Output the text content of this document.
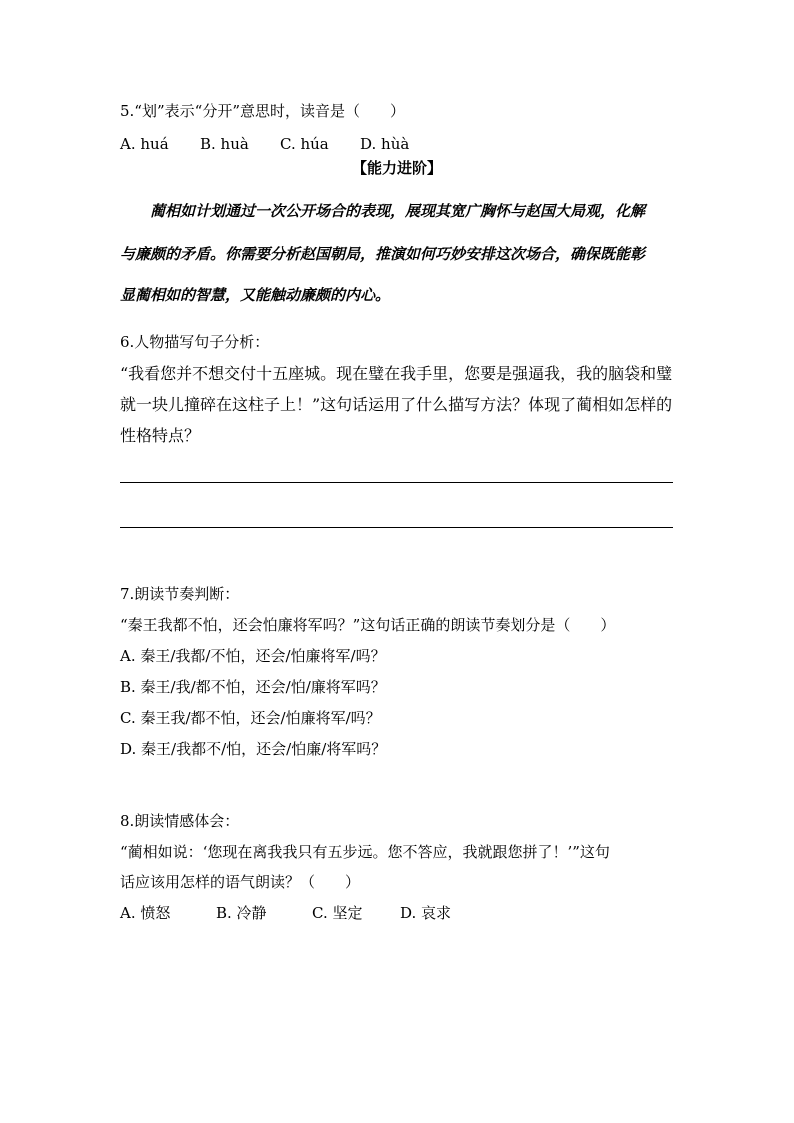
5.“划”表示“分开”意思时，读音是（　　）
A. huá B. huà C. húa D. hùà
【能力进阶】
　　蔺相如计划通过一次公开场合的表现，展现其宽广胸怀与赵国大局观，化解
与廉颇的矛盾。你需要分析赵国朝局，推演如何巧妙安排这次场合，确保既能彰
显蔺相如的智慧，又能触动廉颇的内心。
6.人物描写句子分析：
“我看您并不想交付十五座城。现在璧在我手里，您要是强逼我，我的脑袋和璧
就一块儿撞碎在这柱子上！”这句话运用了什么描写方法？体现了蔺相如怎样的
性格特点？
7.朗读节奏判断：
“秦王我都不怕，还会怕廉将军吗？”这句话正确的朗读节奏划分是（　　）
A. 秦王/我都/不怕，还会/怕廉将军/吗？
B. 秦王/我/都不怕，还会/怕/廉将军吗？
C. 秦王我/都不怕，还会/怕廉将军/吗？
D. 秦王/我都不/怕，还会/怕廉/将军吗？
8.朗读情感体会：
“蔺相如说：‘您现在离我我只有五步远。您不答应，我就跟您拼了！’”这句
话应该用怎样的语气朗读？（　　）
A. 愤怒	B. 冷静	C. 坚定	D. 哀求
